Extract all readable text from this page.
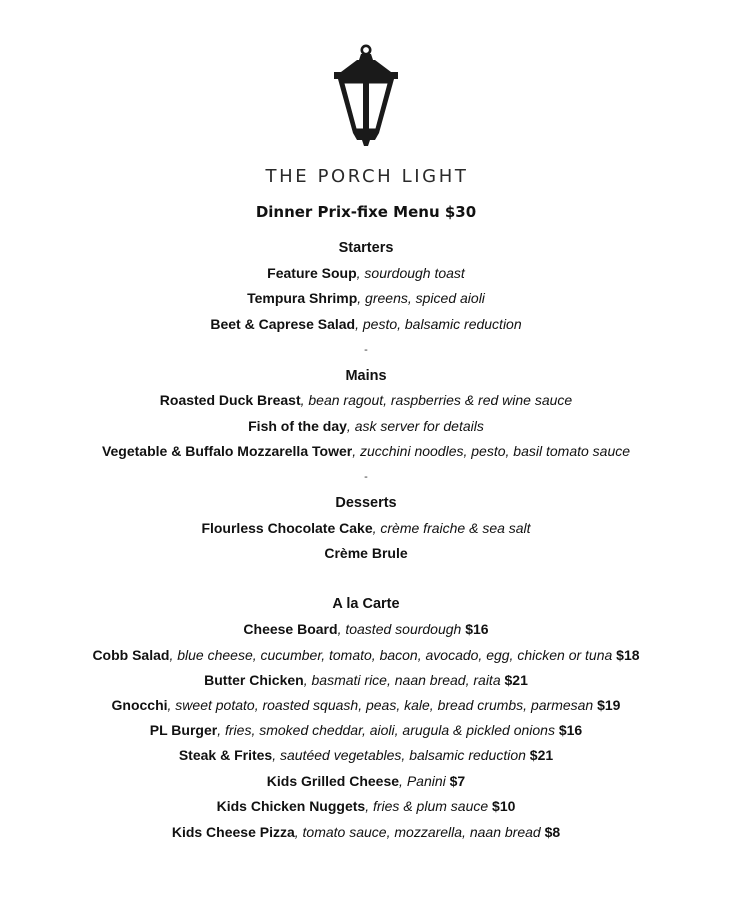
THE PORCH LIGHT
Dinner Prix-fixe Menu $30
Starters
Feature Soup, sourdough toast
Tempura Shrimp, greens, spiced aioli
Beet & Caprese Salad, pesto, balsamic reduction
-
Mains
Roasted Duck Breast, bean ragout, raspberries & red wine sauce
Fish of the day, ask server for details
Vegetable & Buffalo Mozzarella Tower, zucchini noodles, pesto, basil tomato sauce
-
Desserts
Flourless Chocolate Cake, crème fraiche & sea salt
Crème Brule
A la Carte
Cheese Board, toasted sourdough $16
Cobb Salad, blue cheese, cucumber, tomato, bacon, avocado, egg, chicken or tuna $18
Butter Chicken, basmati rice, naan bread, raita $21
Gnocchi, sweet potato, roasted squash, peas, kale, bread crumbs, parmesan $19
PL Burger, fries, smoked cheddar, aioli, arugula & pickled onions $16
Steak & Frites, sautéed vegetables, balsamic reduction $21
Kids Grilled Cheese, Panini $7
Kids Chicken Nuggets, fries & plum sauce $10
Kids Cheese Pizza, tomato sauce, mozzarella, naan bread $8
